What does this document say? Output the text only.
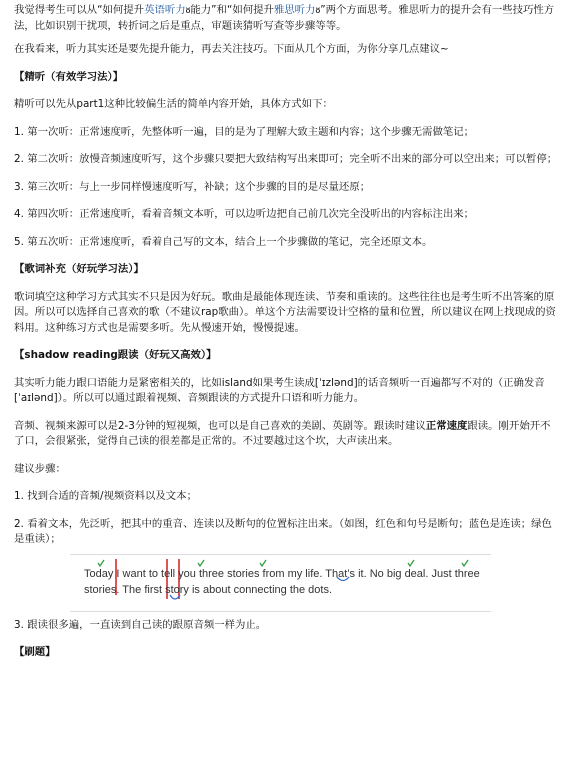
我觉得考生可以从“如何提升英语听力ᴕ能力”和“如何提升雅思听力ᴕ”两个方面思考。雅思听力的提升会有一些技巧性方法，比如识别干扰项，转折词之后是重点，审题读猜听写查等步骤等等。

在我看来，听力其实还是要先提升能力，再去关注技巧。下面从几个方面，为你分享几点建议~

【精听（有效学习法）】

精听可以先从part1这种比较偏生活的简单内容开始，具体方式如下：

1. 第一次听：正常速度听，先整体听一遍，目的是为了理解大致主题和内容；这个步骤无需做笔记；

2. 第二次听：放慢音频速度听写，这个步骤只要把大致结构写出来即可；完全听不出来的部分可以空出来；可以暂停；

3. 第三次听：与上一步同样慢速度听写，补缺；这个步骤的目的是尽量还原；

4. 第四次听：正常速度听，看着音频文本听，可以边听边把自己前几次完全没听出的内容标注出来；

5. 第五次听：正常速度听，看着自己写的文本，结合上一个步骤做的笔记，完全还原文本。

【歌词补充（好玩学习法）】

歌词填空这种学习方式其实不只是因为好玩。歌曲是最能体现连读、节奏和重读的。这些往往也是考生听不出答案的原因。所以可以选择自己喜欢的歌（不建议rap歌曲）。单这个方法需要设计空格的量和位置，所以建议在网上找现成的资料用。这种练习方式也是需要多听。先从慢速开始，慢慢提速。

【shadow reading跟读（好玩又高效）】

其实听力能力跟口语能力是紧密相关的，比如island如果考生读成[ˈɪzlənd]的话音频听一百遍都写不对的（正确发音[ˈaɪlənd]）。所以可以通过跟着视频、音频跟读的方式提升口语和听力能力。

音频、视频来源可以是2-3分钟的短视频，也可以是自己喜欢的美剧、英剧等。跟读时建议正常速度跟读。刚开始开不了口，会很紧张，觉得自己读的很差都是正常的。不过要越过这个坎，大声读出来。

建议步骤：

1. 找到合适的音频/视频资料以及文本；

2. 看着文本，先泛听，把其中的重音、连读以及断句的位置标注出来。（如图，红色和句号是断句；蓝色是连读；绿色是重读）；

Today I want to tell you three stories from my life. That’s it. No big deal. Just three
stories. The first story is about connecting the dots.

3. 跟读很多遍，一直读到自己读的跟原音频一样为止。

【刷题】
